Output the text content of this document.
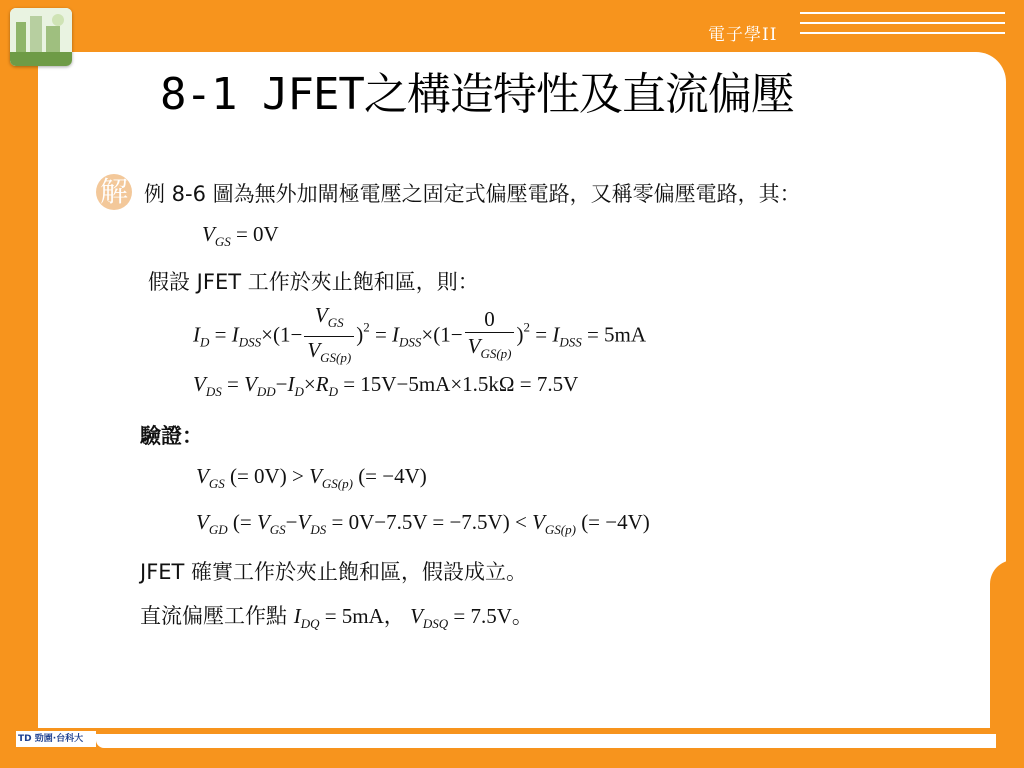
電子學II
8-1 JFET之構造特性及直流偏壓
解 例 8-6 圖為無外加閘極電壓之固定式偏壓電路，又稱零偏壓電路，其：
$V_{GS} = 0V$
假設 JFET 工作於夾止飽和區，則：
$I_D = I_{DSS}\times(1- \frac{V_{GS}}{V_{GS(p)}} )^2 = I_{DSS}\times(1- \frac{0}{V_{GS(p)}} )^2 = I_{DSS} = 5mA$
$V_{DS} = V_{DD}-I_D\times R_D = 15V-5mA\times 1.5k\Omega = 7.5V$
驗證：
$V_{GS}$ (= $0V) > V_{GS(p)}$ (= −4V)
$V_{GD}$ (= $V_{GS}-V_{DS} = 0V-7.5V = -7.5V) < V_{GS(p)}$ (= −4V)
JFET 確實工作於夾止飽和區，假設成立。
直流偏壓工作點 $I_{DQ} = 5mA$， $V_{DSQ} = 7.5V$。
TD 勁園·台科大
